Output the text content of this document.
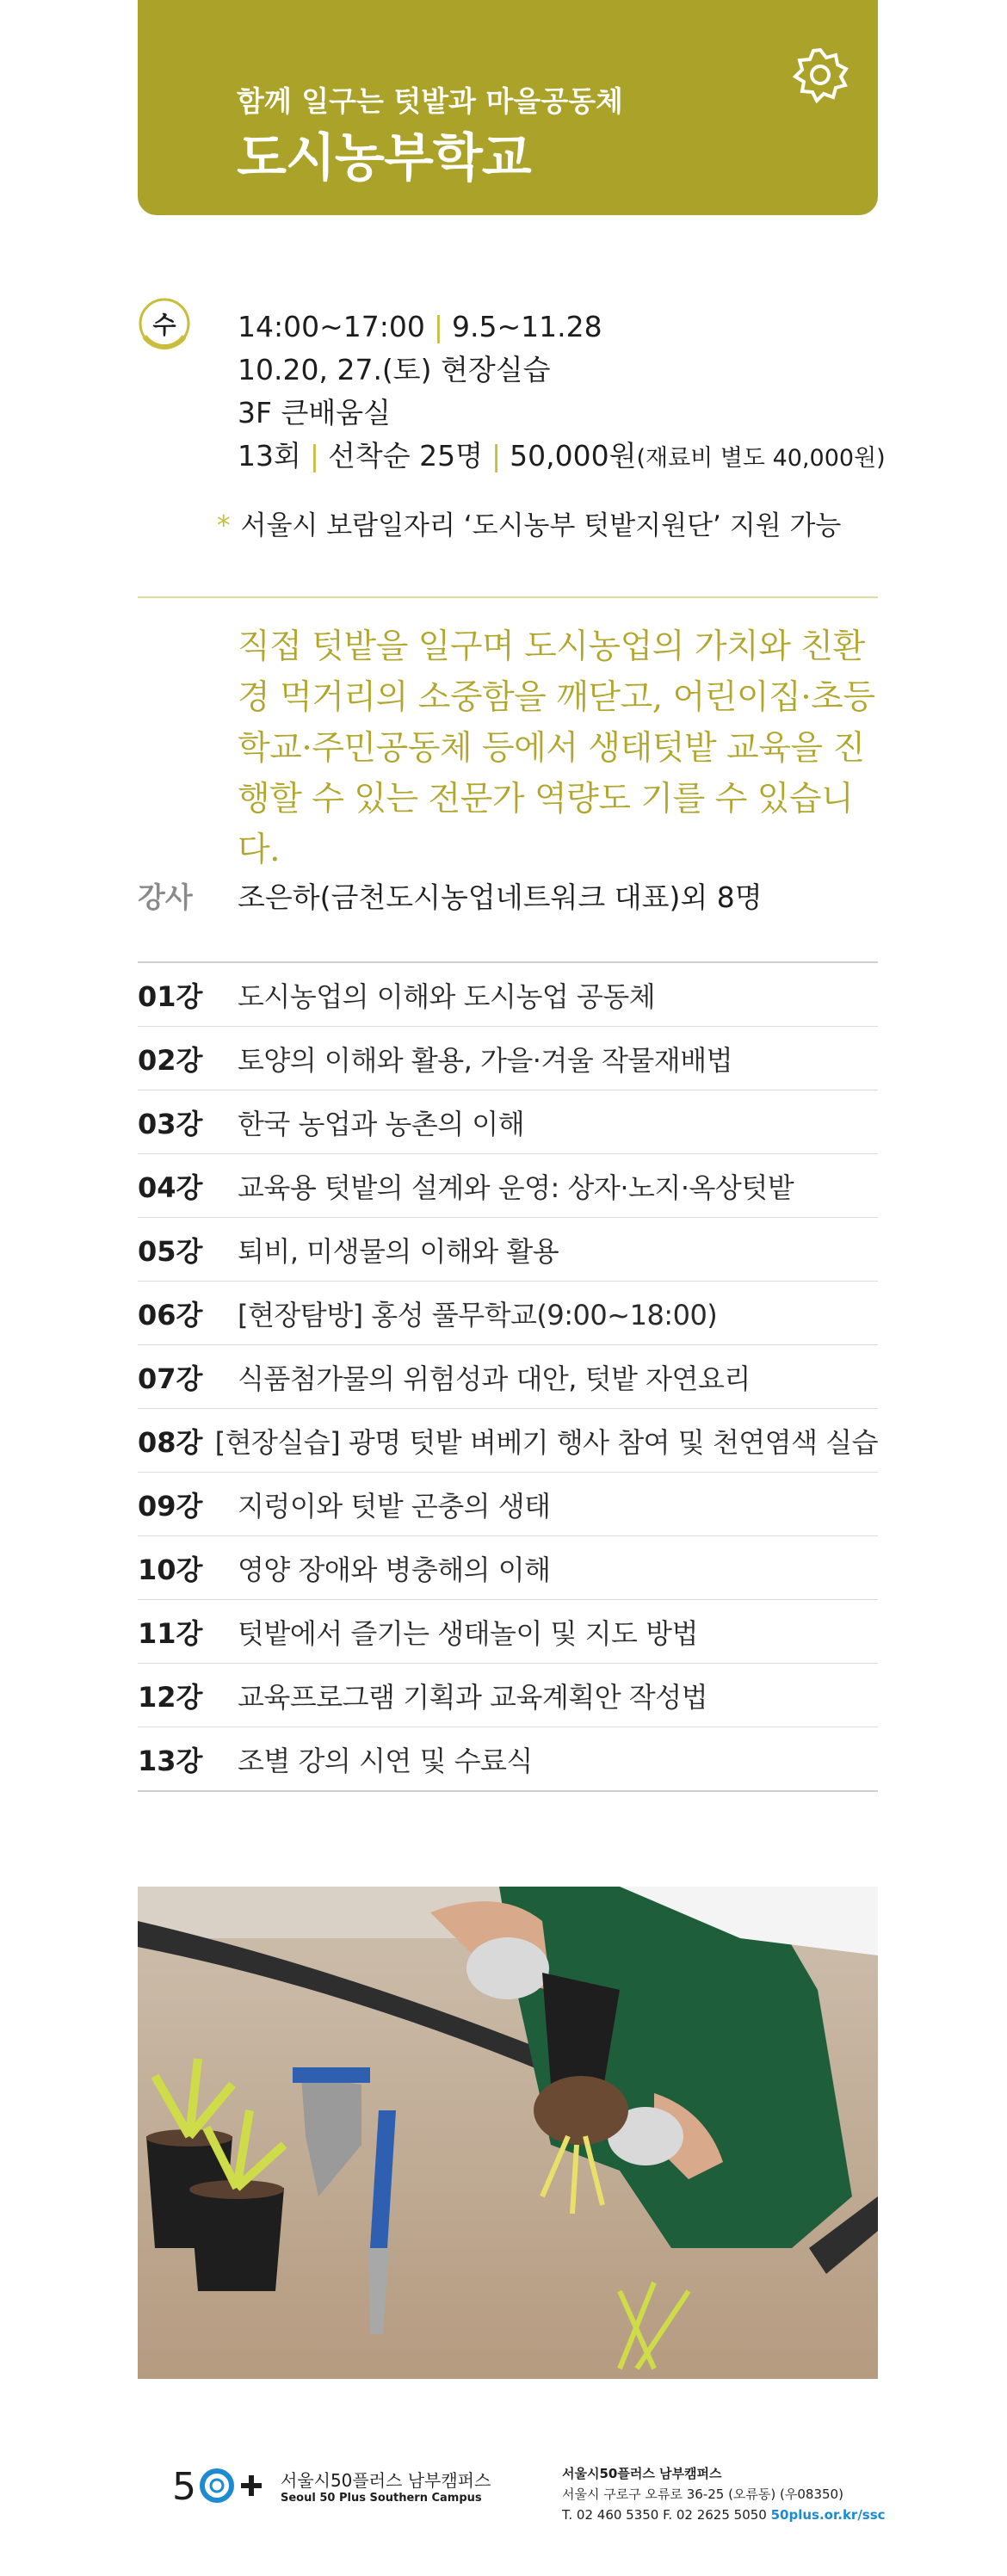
함께 일구는 텃밭과 마을공동체
도시농부학교
수 14:00~17:00 | 9.5~11.28
10.20, 27.(토) 현장실습
3F 큰배움실
13회 | 선착순 25명 | 50,000원(재료비 별도 40,000원)
* 서울시 보람일자리 ‘도시농부 텃밭지원단’ 지원 가능
직접 텃밭을 일구며 도시농업의 가치와 친환경 먹거리의 소중함을 깨닫고, 어린이집·초등학교·주민공동체 등에서 생태텃밭 교육을 진행할 수 있는 전문가 역량도 기를 수 있습니다.
강사 조은하(금천도시농업네트워크 대표)외 8명
01강	도시농업의 이해와 도시농업 공동체
02강	토양의 이해와 활용, 가을·겨울 작물재배법
03강	한국 농업과 농촌의 이해
04강	교육용 텃밭의 설계와 운영: 상자·노지·옥상텃밭
05강	퇴비, 미생물의 이해와 활용
06강	[현장탐방] 홍성 풀무학교(9:00~18:00)
07강	식품첨가물의 위험성과 대안, 텃밭 자연요리
08강 [현장실습] 광명 텃밭 벼베기 행사 참여 및 천연염색 실습
09강	지렁이와 텃밭 곤충의 생태
10강	영양 장애와 병충해의 이해
11강	텃밭에서 즐기는 생태놀이 및 지도 방법
12강	교육프로그램 기획과 교육계획안 작성법
13강	조별 강의 시연 및 수료식
5	서울시50플러스 남부캠퍼스
Seoul 50 Plus Southern Campus
서울시50플러스 남부캠퍼스
서울시 구로구 오류로 36-25 (오류동) (우08350)
T. 02 460 5350 F. 02 2625 5050 50plus.or.kr/ssc
